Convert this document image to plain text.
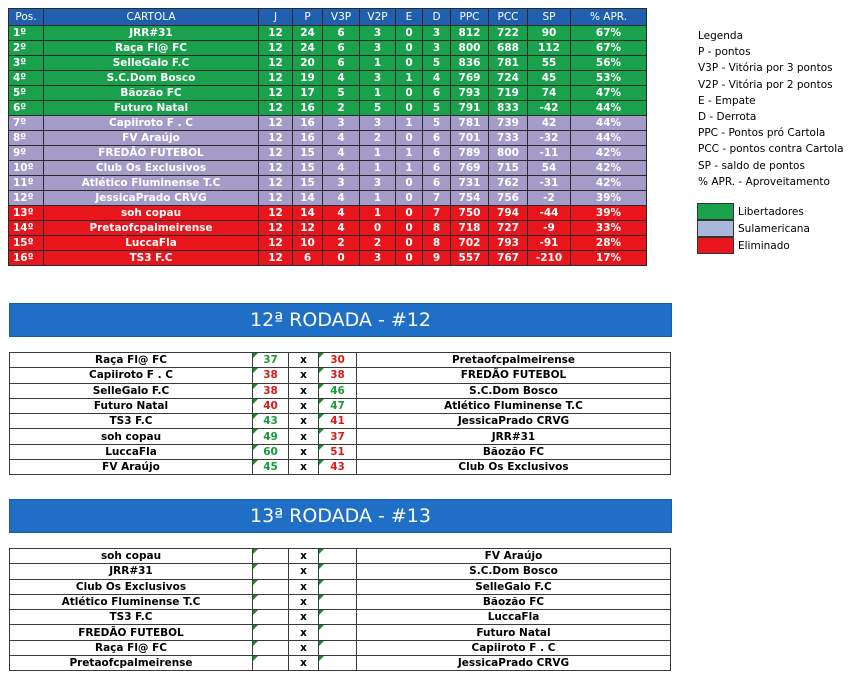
Pos.	CARTOLA	J	P	V3P	V2P	E	D	PPC	PCC	SP	% APR.
1º	JRR#31	12	24	6	3	0	3	812	722	90	67%
2º	Raça Fl@ FC	12	24	6	3	0	3	800	688	112	67%
3º	SelleGalo F.C	12	20	6	1	0	5	836	781	55	56%
4º	S.C.Dom Bosco	12	19	4	3	1	4	769	724	45	53%
5º	Bãozão FC	12	17	5	1	0	6	793	719	74	47%
6º	Futuro Natal	12	16	2	5	0	5	791	833	-42	44%
7º	Capiiroto F . C	12	16	3	3	1	5	781	739	42	44%
8º	FV Araújo	12	16	4	2	0	6	701	733	-32	44%
9º	FREDÃO FUTEBOL	12	15	4	1	1	6	789	800	-11	42%
10º	Club Os Exclusivos	12	15	4	1	1	6	769	715	54	42%
11º	Atlético Fluminense T.C	12	15	3	3	0	6	731	762	-31	42%
12º	JessicaPrado CRVG	12	14	4	1	0	7	754	756	-2	39%
13º	soh copau	12	14	4	1	0	7	750	794	-44	39%
14º	Pretaofcpalmeirense	12	12	4	0	0	8	718	727	-9	33%
15º	LuccaFla	12	10	2	2	0	8	702	793	-91	28%
16º	TS3 F.C	12	6	0	3	0	9	557	767	-210	17%
Legenda
P - pontos
V3P - Vitória por 3 pontos
V2P - Vitória por 2 pontos
E - Empate
D - Derrota
PPC - Pontos pró Cartola
PCC - pontos contra Cartola
SP - saldo de pontos
% APR. - Aproveitamento
Libertadores
Sulamericana
Eliminado
12ª RODADA - #12
Raça Fl@ FC	37	x	30	Pretaofcpalmeirense
Capiiroto F . C	38	x	38	FREDÃO FUTEBOL
SelleGalo F.C	38	x	46	S.C.Dom Bosco
Futuro Natal	40	x	47	Atlético Fluminense T.C
TS3 F.C	43	x	41	JessicaPrado CRVG
soh copau	49	x	37	JRR#31
LuccaFla	60	x	51	Bãozão FC
FV Araújo	45	x	43	Club Os Exclusivos
13ª RODADA - #13
soh copau		x		FV Araújo
JRR#31		x		S.C.Dom Bosco
Club Os Exclusivos		x		SelleGalo F.C
Atlético Fluminense T.C		x		Bãozão FC
TS3 F.C		x		LuccaFla
FREDÃO FUTEBOL		x		Futuro Natal
Raça Fl@ FC		x		Capiiroto F . C
Pretaofcpalmeirense		x		JessicaPrado CRVG
